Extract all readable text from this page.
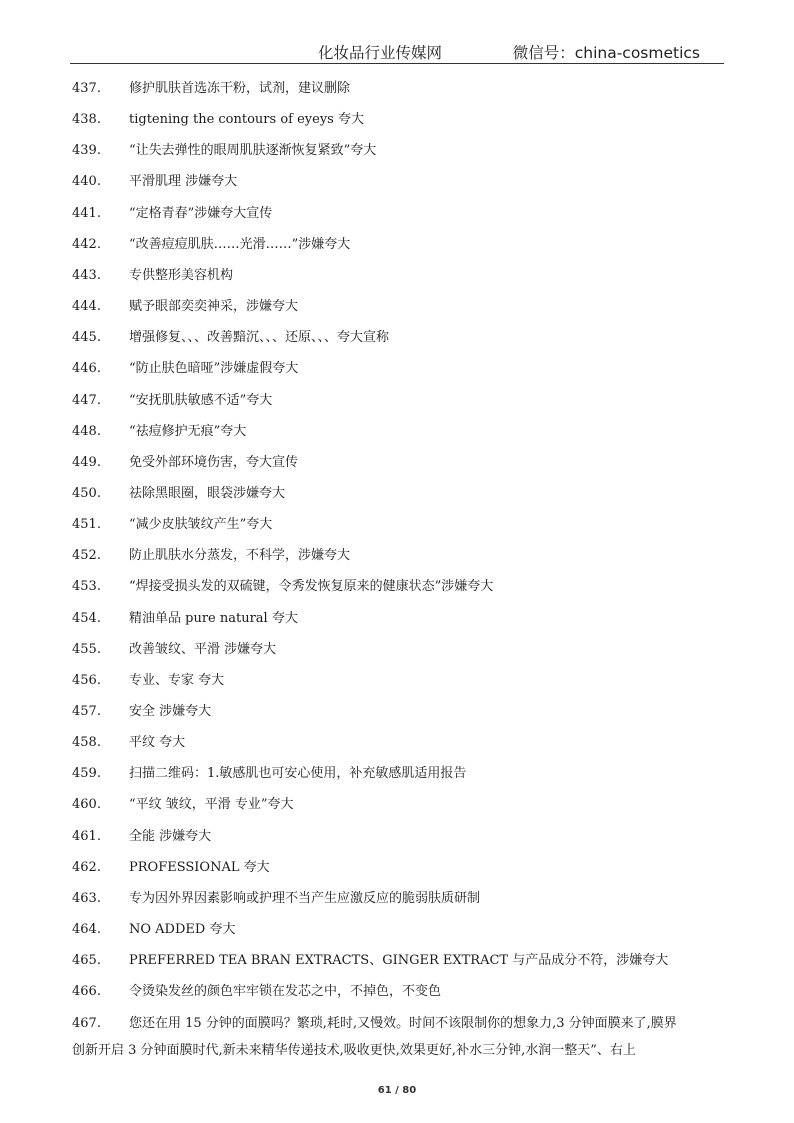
化妆品行业传媒网	微信号：china-cosmetics
437. 修护肌肤首选冻干粉，试剂，建议删除
438. tigtening the contours of eyeys 夸大
439. “让失去弹性的眼周肌肤逐渐恢复紧致”夸大
440. 平滑肌理 涉嫌夸大
441. “定格青春”涉嫌夸大宣传
442. “改善痘痘肌肤……光滑……”涉嫌夸大
443. 专供整形美容机构
444. 赋予眼部奕奕神采，涉嫌夸大
445. 增强修复、、、改善黯沉、、、还原、、、夸大宣称
446. “防止肤色暗哑”涉嫌虚假夸大
447. “安抚肌肤敏感不适”夸大
448. “祛痘修护无痕”夸大
449. 免受外部环境伤害，夸大宣传
450. 祛除黑眼圈，眼袋涉嫌夸大
451. “减少皮肤皱纹产生”夸大
452. 防止肌肤水分蒸发，不科学，涉嫌夸大
453. “焊接受损头发的双硫键，令秀发恢复原来的健康状态”涉嫌夸大
454. 精油单品 pure natural 夸大
455. 改善皱纹、平滑 涉嫌夸大
456. 专业、专家 夸大
457. 安全 涉嫌夸大
458. 平纹 夸大
459. 扫描二维码：1.敏感肌也可安心使用，补充敏感肌适用报告
460. “平纹 皱纹，平滑 专业”夸大
461. 全能 涉嫌夸大
462. PROFESSIONAL 夸大
463. 专为因外界因素影响或护理不当产生应激反应的脆弱肤质研制
464. NO ADDED 夸大
465. PREFERRED TEA BRAN EXTRACTS、GINGER EXTRACT 与产品成分不符，涉嫌夸大
466. 令烫染发丝的颜色牢牢锁在发芯之中，不掉色，不变色
467. 您还在用 15 分钟的面膜吗？繁琐,耗时,又慢效。时间不该限制你的想象力,3 分钟面膜来了,膜界
创新开启 3 分钟面膜时代,新未来精华传递技术,吸收更快,效果更好,补水三分钟,水润一整天”、右上
61 / 80
